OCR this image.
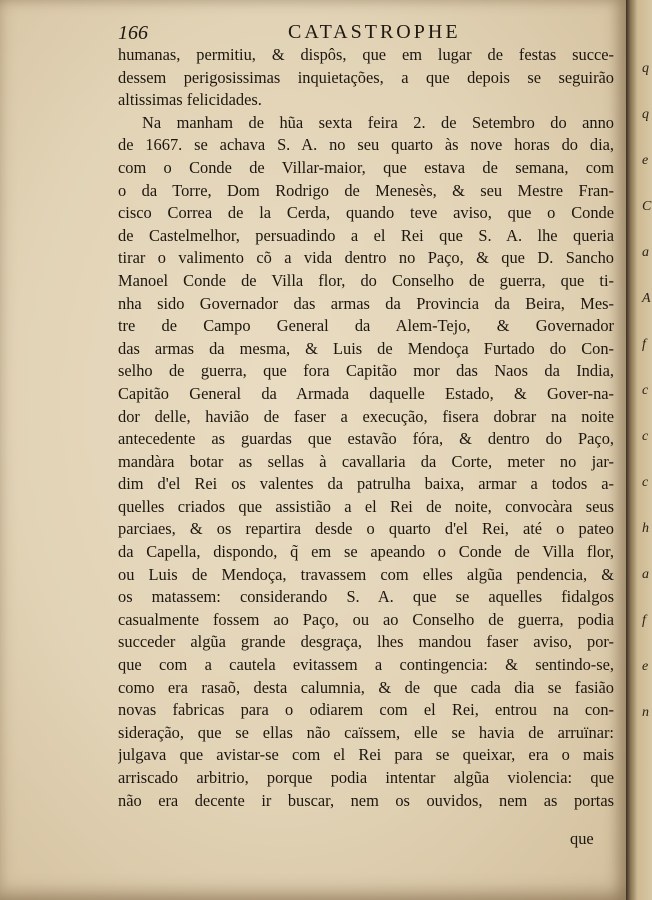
166	CATASTROPHE
humanas, permitiu, & dispôs, que em lugar de festas succe-
dessem perigosissimas inquietações, a que depois se seguirão
altissimas felicidades.
Na manham de hũa sexta feira 2. de Setembro do anno
de 1667. se achava S. A. no seu quarto às nove horas do dia,
com o Conde de Villar-maior, que estava de semana, com
o da Torre, Dom Rodrigo de Menesès, & seu Mestre Fran-
cisco Correa de la Cerda, quando teve aviso, que o Conde
de Castelmelhor, persuadindo a el Rei que S. A. lhe queria
tirar o valimento cõ a vida dentro no Paço, & que D. Sancho
Manoel Conde de Villa flor, do Conselho de guerra, que ti-
nha sido Governador das armas da Provincia da Beira, Mes-
tre de Campo General da Alem-Tejo, & Governador
das armas da mesma, & Luis de Mendoça Furtado do Con-
selho de guerra, que fora Capitão mor das Naos da India,
Capitão General da Armada daquelle Estado, & Gover-na-
dor delle, havião de faser a execução, fisera dobrar na noite
antecedente as guardas que estavão fóra, & dentro do Paço,
mandàra botar as sellas à cavallaria da Corte, meter no jar-
dim d'el Rei os valentes da patrulha baixa, armar a todos a-
quelles criados que assistião a el Rei de noite, convocàra seus
parciaes, & os repartira desde o quarto d'el Rei, até o pateo
da Capella, dispondo, q̃ em se apeando o Conde de Villa flor,
ou Luis de Mendoça, travassem com elles algũa pendencia, &
os matassem: considerando S. A. que se aquelles fidalgos
casualmente fossem ao Paço, ou ao Conselho de guerra, podia
succeder algũa grande desgraça, lhes mandou faser aviso, por-
que com a cautela evitassem a contingencia: & sentindo-se,
como era rasaõ, desta calumnia, & de que cada dia se fasião
novas fabricas para o odiarem com el Rei, entrou na con-
sideração, que se ellas não caïssem, elle se havia de arruïnar:
julgava que avistar-se com el Rei para se queixar, era o mais
arriscado arbitrio, porque podia intentar algũa violencia: que
não era decente ir buscar, nem os ouvidos, nem as portas
que
q
q
e
C
a
A
f
c
c
c
h
a
f
e
n
